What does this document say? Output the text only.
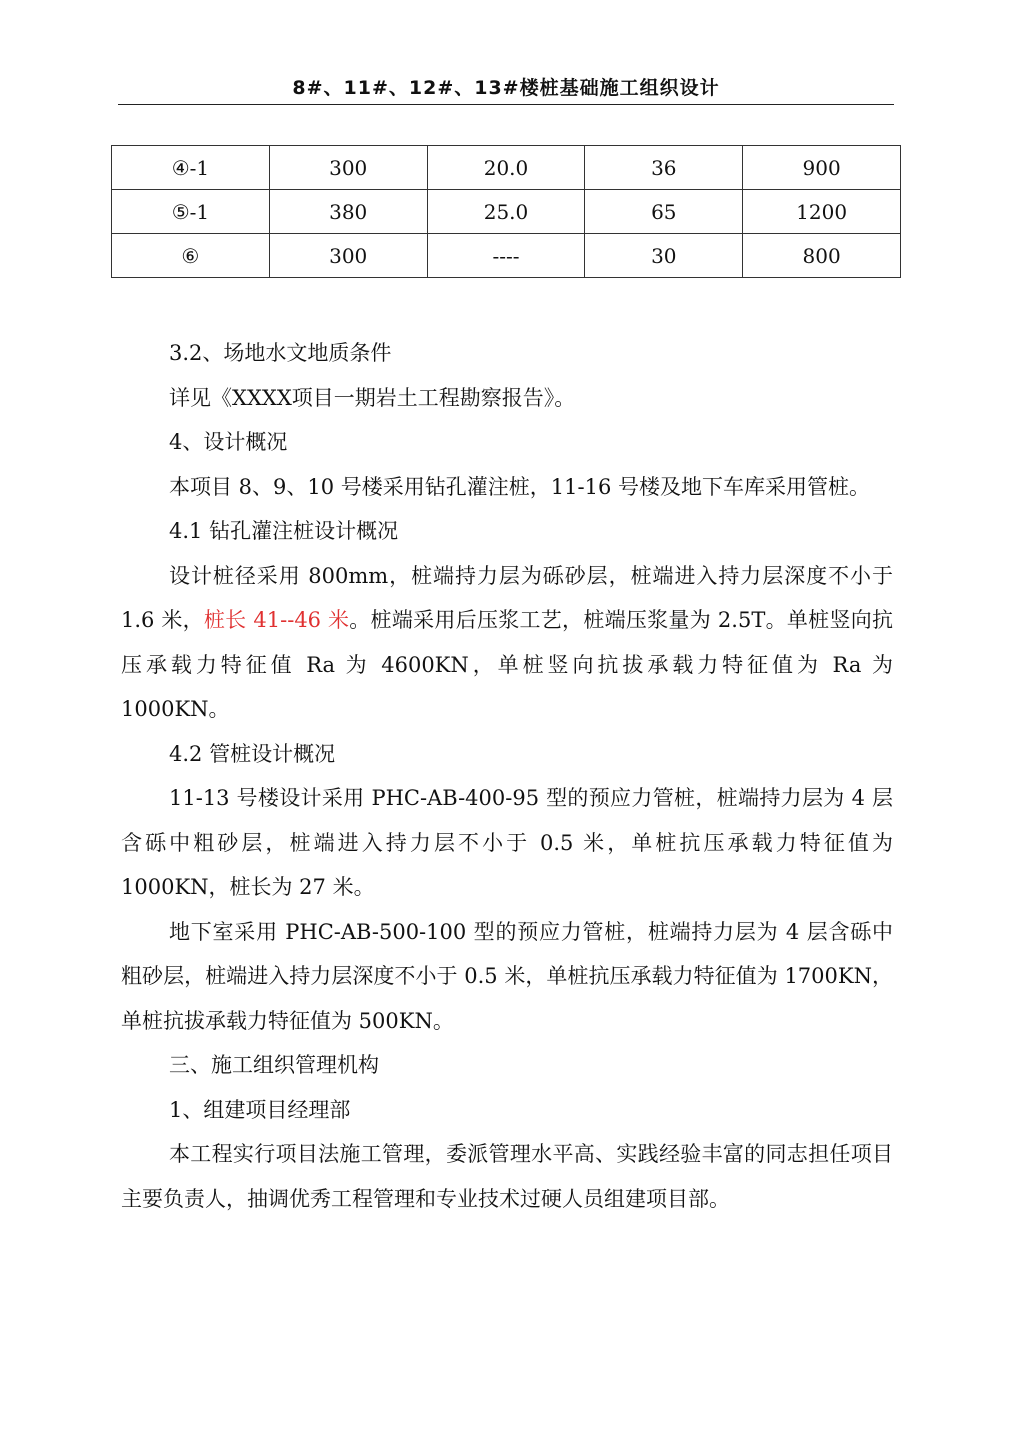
8#、11#、12#、13#楼桩基础施工组织设计
④-1	300	20.0	36	900
⑤-1	380	25.0	65	1200
⑥	300	----	30	800

3.2、场地水文地质条件

详见《XXXX项目一期岩土工程勘察报告》。

4、设计概况

本项目 8、9、10 号楼采用钻孔灌注桩，11-16 号楼及地下车库采用管桩。

4.1 钻孔灌注桩设计概况

设计桩径采用 800mm，桩端持力层为砾砂层，桩端进入持力层深度不小于 1.6 米，桩长 41--46 米。桩端采用后压浆工艺，桩端压浆量为 2.5T。单桩竖向抗压承载力特征值 Ra 为 4600KN，单桩竖向抗拔承载力特征值为 Ra 为 1000KN。

4.2 管桩设计概况

11-13 号楼设计采用 PHC-AB-400-95 型的预应力管桩，桩端持力层为 4 层含砾中粗砂层，桩端进入持力层不小于 0.5 米，单桩抗压承载力特征值为 1000KN，桩长为 27 米。

地下室采用 PHC-AB-500-100 型的预应力管桩，桩端持力层为 4 层含砾中粗砂层，桩端进入持力层深度不小于 0.5 米，单桩抗压承载力特征值为 1700KN，单桩抗拔承载力特征值为 500KN。

三、施工组织管理机构

1、组建项目经理部

本工程实行项目法施工管理，委派管理水平高、实践经验丰富的同志担任项目主要负责人，抽调优秀工程管理和专业技术过硬人员组建项目部。
